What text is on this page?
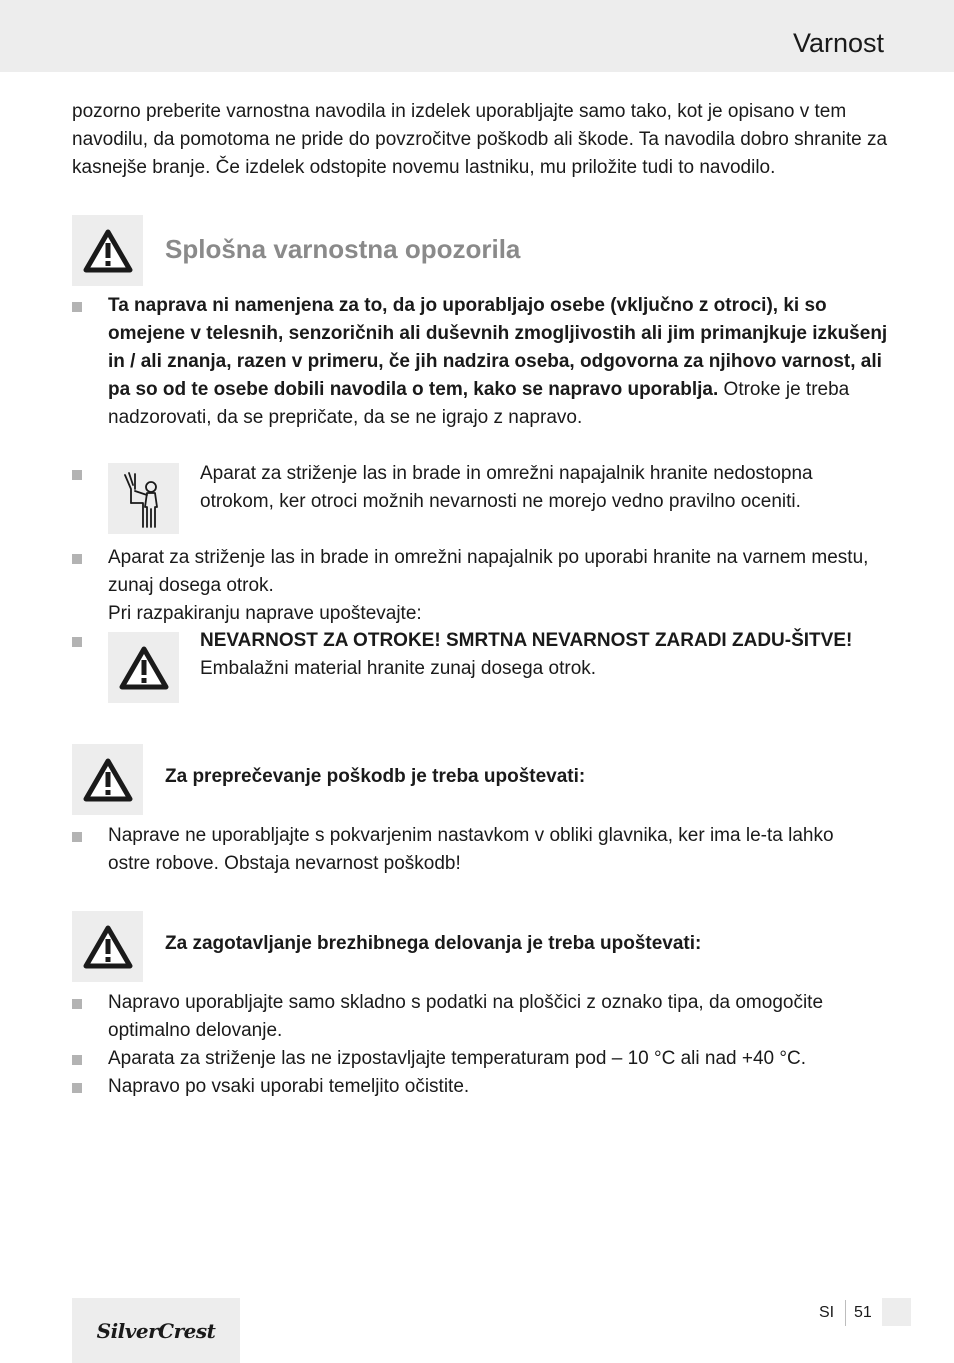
Varnost
pozorno preberite varnostna navodila in izdelek uporabljajte samo tako, kot je opisano v tem navodilu, da pomotoma ne pride do povzročitve poškodb ali škode. Ta navodila dobro shranite za kasnejše branje. Če izdelek odstopite novemu lastniku, mu priložite tudi to navodilo.
Splošna varnostna opozorila
Ta naprava ni namenjena za to, da jo uporabljajo osebe (vključno z otroci), ki so omejene v telesnih, senzoričnih ali duševnih zmogljivostih ali jim primanjkuje izkušenj in / ali znanja, razen v primeru, če jih nadzira oseba, odgovorna za njihovo varnost, ali pa so od te osebe dobili navodila o tem, kako se napravo uporablja. Otroke je treba nadzorovati, da se prepričate, da se ne igrajo z napravo.
Aparat za striženje las in brade in omrežni napajalnik hranite nedostopna otrokom, ker otroci možnih nevarnosti ne morejo vedno pravilno oceniti.
Aparat za striženje las in brade in omrežni napajalnik po uporabi hranite na varnem mestu, zunaj dosega otrok.
Pri razpakiranju naprave upoštevajte:
NEVARNOST ZA OTROKE! SMRTNA NEVARNOST ZARADI ZADU-ŠITVE! Embalažni material hranite zunaj dosega otrok.
Za preprečevanje poškodb je treba upoštevati:
Naprave ne uporabljajte s pokvarjenim nastavkom v obliki glavnika, ker ima le-ta lahko ostre robove. Obstaja nevarnost poškodb!
Za zagotavljanje brezhibnega delovanja je treba upoštevati:
Napravo uporabljajte samo skladno s podatki na ploščici z oznako tipa, da omogočite optimalno delovanje.
Aparata za striženje las ne izpostavljajte temperaturam pod – 10 °C ali nad +40 °C.
Napravo po vsaki uporabi temeljito očistite.
SilverCrest
SI 51
